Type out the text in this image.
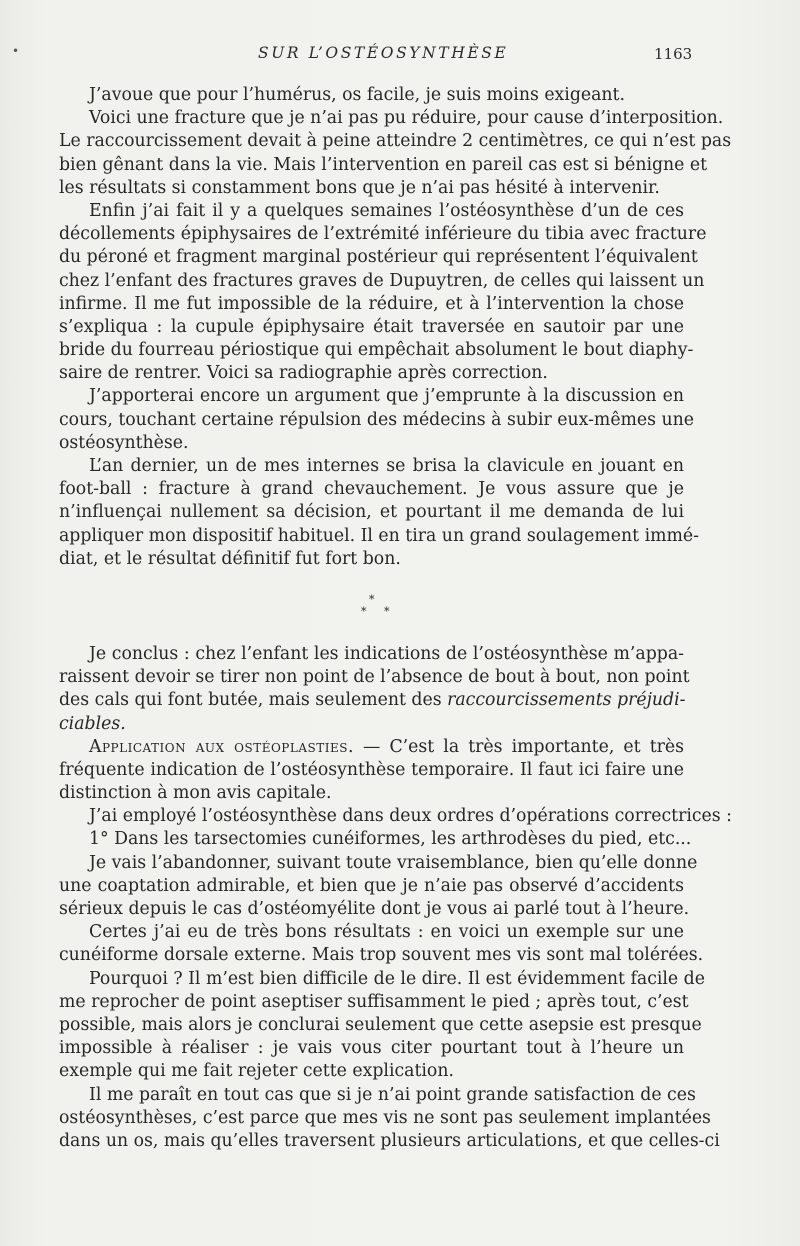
•	SUR L’OSTÉOSYNTHÈSE	1163
J’avoue que pour l’humérus, os facile, je suis moins exigeant.
Voici une fracture que je n’ai pas pu réduire, pour cause d’interposition.
Le raccourcissement devait à peine atteindre 2 centimètres, ce qui n’est pas
bien gênant dans la vie. Mais l’intervention en pareil cas est si bénigne et
les résultats si constamment bons que je n’ai pas hésité à intervenir.
Enfin j’ai fait il y a quelques semaines l’ostéosynthèse d’un de ces
décollements épiphysaires de l’extrémité inférieure du tibia avec fracture
du péroné et fragment marginal postérieur qui représentent l’équivalent
chez l’enfant des fractures graves de Dupuytren, de celles qui laissent un
infirme. Il me fut impossible de la réduire, et à l’intervention la chose
s’expliqua : la cupule épiphysaire était traversée en sautoir par une
bride du fourreau périostique qui empêchait absolument le bout diaphy-
saire de rentrer. Voici sa radiographie après correction.
J’apporterai encore un argument que j’emprunte à la discussion en
cours, touchant certaine répulsion des médecins à subir eux-mêmes une
ostéosynthèse.
L’an dernier, un de mes internes se brisa la clavicule en jouant en
foot-ball : fracture à grand chevauchement. Je vous assure que je
n’influençai nullement sa décision, et pourtant il me demanda de lui
appliquer mon dispositif habituel. Il en tira un grand soulagement immé-
diat, et le résultat définitif fut fort bon.
*
* *
Je conclus : chez l’enfant les indications de l’ostéosynthèse m’appa-
raissent devoir se tirer non point de l’absence de bout à bout, non point
des cals qui font butée, mais seulement des raccourcissements préjudi-
ciables.
Application aux ostéoplasties. — C’est la très importante, et très
fréquente indication de l’ostéosynthèse temporaire. Il faut ici faire une
distinction à mon avis capitale.
J’ai employé l’ostéosynthèse dans deux ordres d’opérations correctrices :
1° Dans les tarsectomies cunéiformes, les arthrodèses du pied, etc...
Je vais l’abandonner, suivant toute vraisemblance, bien qu’elle donne
une coaptation admirable, et bien que je n’aie pas observé d’accidents
sérieux depuis le cas d’ostéomyélite dont je vous ai parlé tout à l’heure.
Certes j’ai eu de très bons résultats : en voici un exemple sur une
cunéiforme dorsale externe. Mais trop souvent mes vis sont mal tolérées.
Pourquoi ? Il m’est bien difficile de le dire. Il est évidemment facile de
me reprocher de point aseptiser suffisamment le pied ; après tout, c’est
possible, mais alors je conclurai seulement que cette asepsie est presque
impossible à réaliser : je vais vous citer pourtant tout à l’heure un
exemple qui me fait rejeter cette explication.
Il me paraît en tout cas que si je n’ai point grande satisfaction de ces
ostéosynthèses, c’est parce que mes vis ne sont pas seulement implantées
dans un os, mais qu’elles traversent plusieurs articulations, et que celles-ci
